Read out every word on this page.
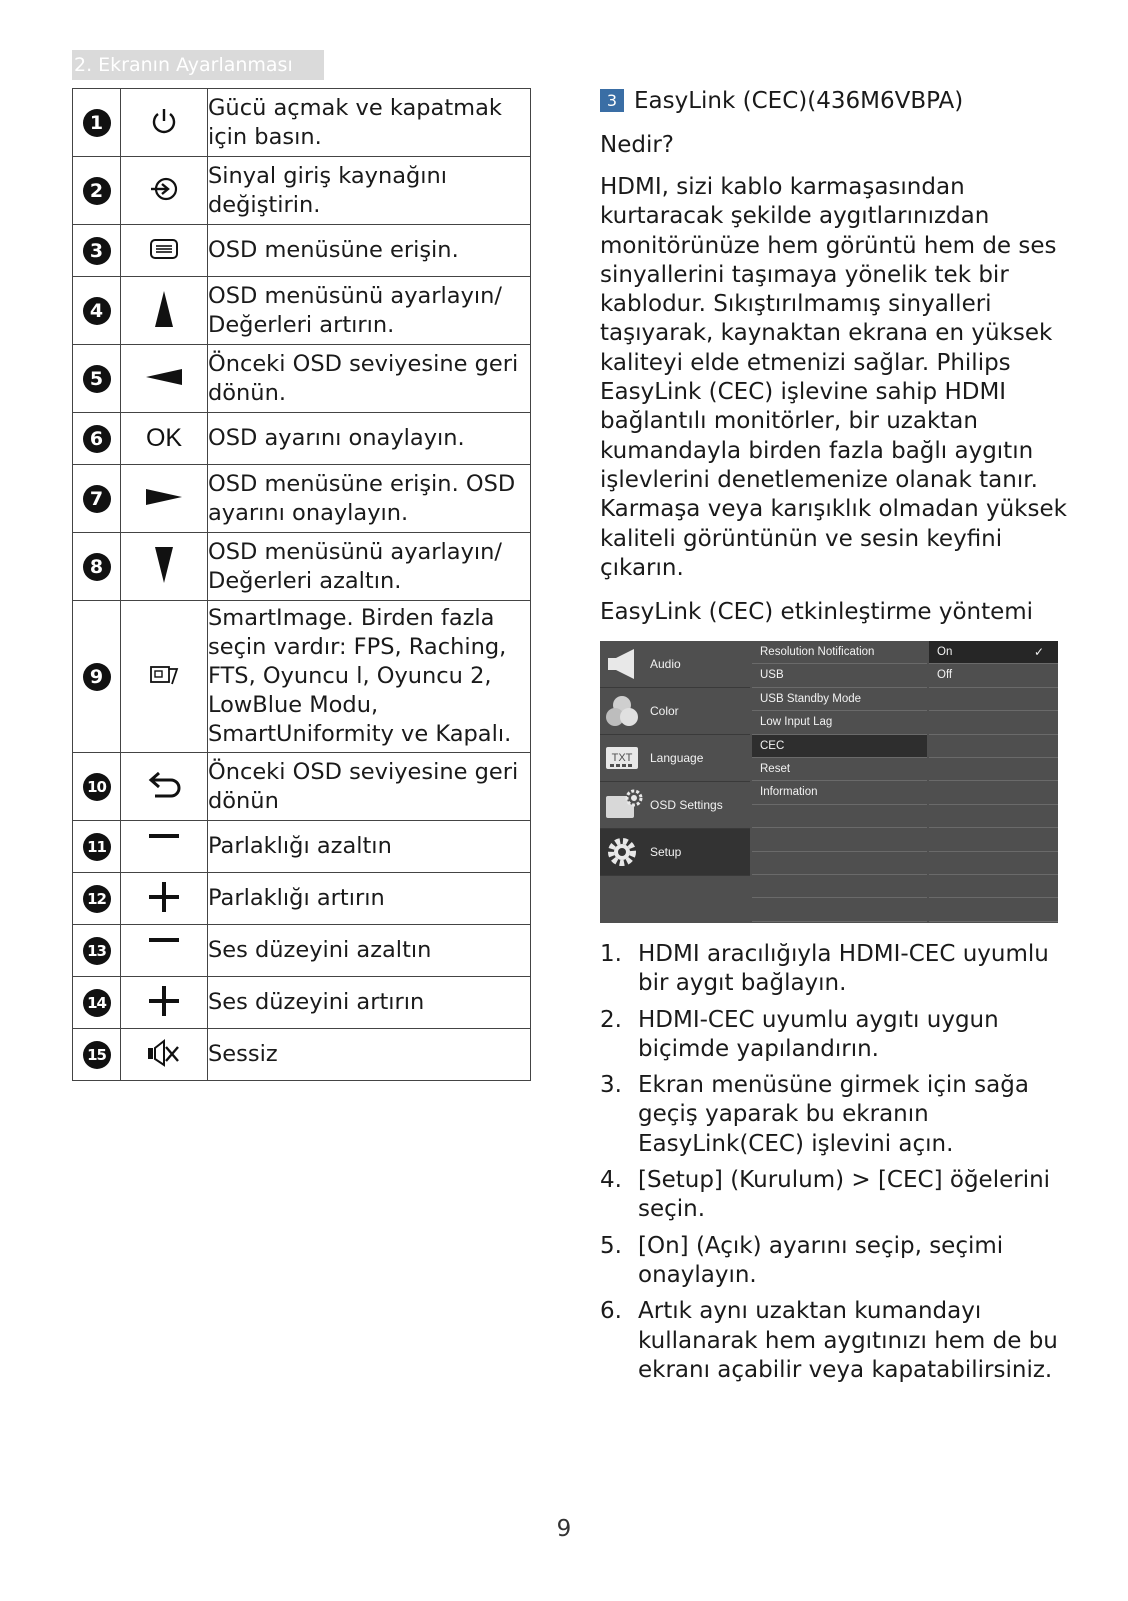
2. Ekranın Ayarlanması
1		Gücü açmak ve kapatmak için basın.
2		Sinyal giriş kaynağını değiştirin.
3		OSD menüsüne erişin.
4		OSD menüsünü ayarlayın/ Değerleri artırın.
5		Önceki OSD seviyesine geri dönün.
6	OK	OSD ayarını onaylayın.
7		OSD menüsüne erişin. OSD ayarını onaylayın.
8		OSD menüsünü ayarlayın/ Değerleri azaltın.
9		SmartImage. Birden fazla seçin vardır: FPS, Raching, FTS, Oyuncu l, Oyuncu 2, LowBlue Modu, SmartUniformity ve Kapalı.
10		Önceki OSD seviyesine geri dönün
11		Parlaklığı azaltın
12		Parlaklığı artırın
13		Ses düzeyini azaltın
14		Ses düzeyini artırın
15		Sessiz
3 EasyLink (CEC)(436M6VBPA)
Nedir?
HDMI, sizi kablo karmaşasından kurtaracak şekilde aygıtlarınızdan monitörünüze hem görüntü hem de ses sinyallerini taşımaya yönelik tek bir kablodur. Sıkıştırılmamış sinyalleri taşıyarak, kaynaktan ekrana en yüksek kaliteyi elde etmenizi sağlar. Philips EasyLink (CEC) işlevine sahip HDMI bağlantılı monitörler, bir uzaktan kumandayla birden fazla bağlı aygıtın işlevlerini denetlemenize olanak tanır. Karmaşa veya karışıklık olmadan yüksek kaliteli görüntünün ve sesin keyfini çıkarın.
EasyLink (CEC) etkinleştirme yöntemi
Audio
Color
TXT Language
OSD Settings
Setup
Resolution Notification
USB
USB Standby Mode
Low Input Lag
CEC
Reset
Information
On	✓
Off
1. HDMI aracılığıyla HDMI-CEC uyumlu bir aygıt bağlayın.
2. HDMI-CEC uyumlu aygıtı uygun biçimde yapılandırın.
3. Ekran menüsüne girmek için sağa geçiş yaparak bu ekranın EasyLink(CEC) işlevini açın.
4. [Setup] (Kurulum) > [CEC] öğelerini seçin.
5. [On] (Açık) ayarını seçip, seçimi onaylayın.
6. Artık aynı uzaktan kumandayı kullanarak hem aygıtınızı hem de bu ekranı açabilir veya kapatabilirsiniz.
9
